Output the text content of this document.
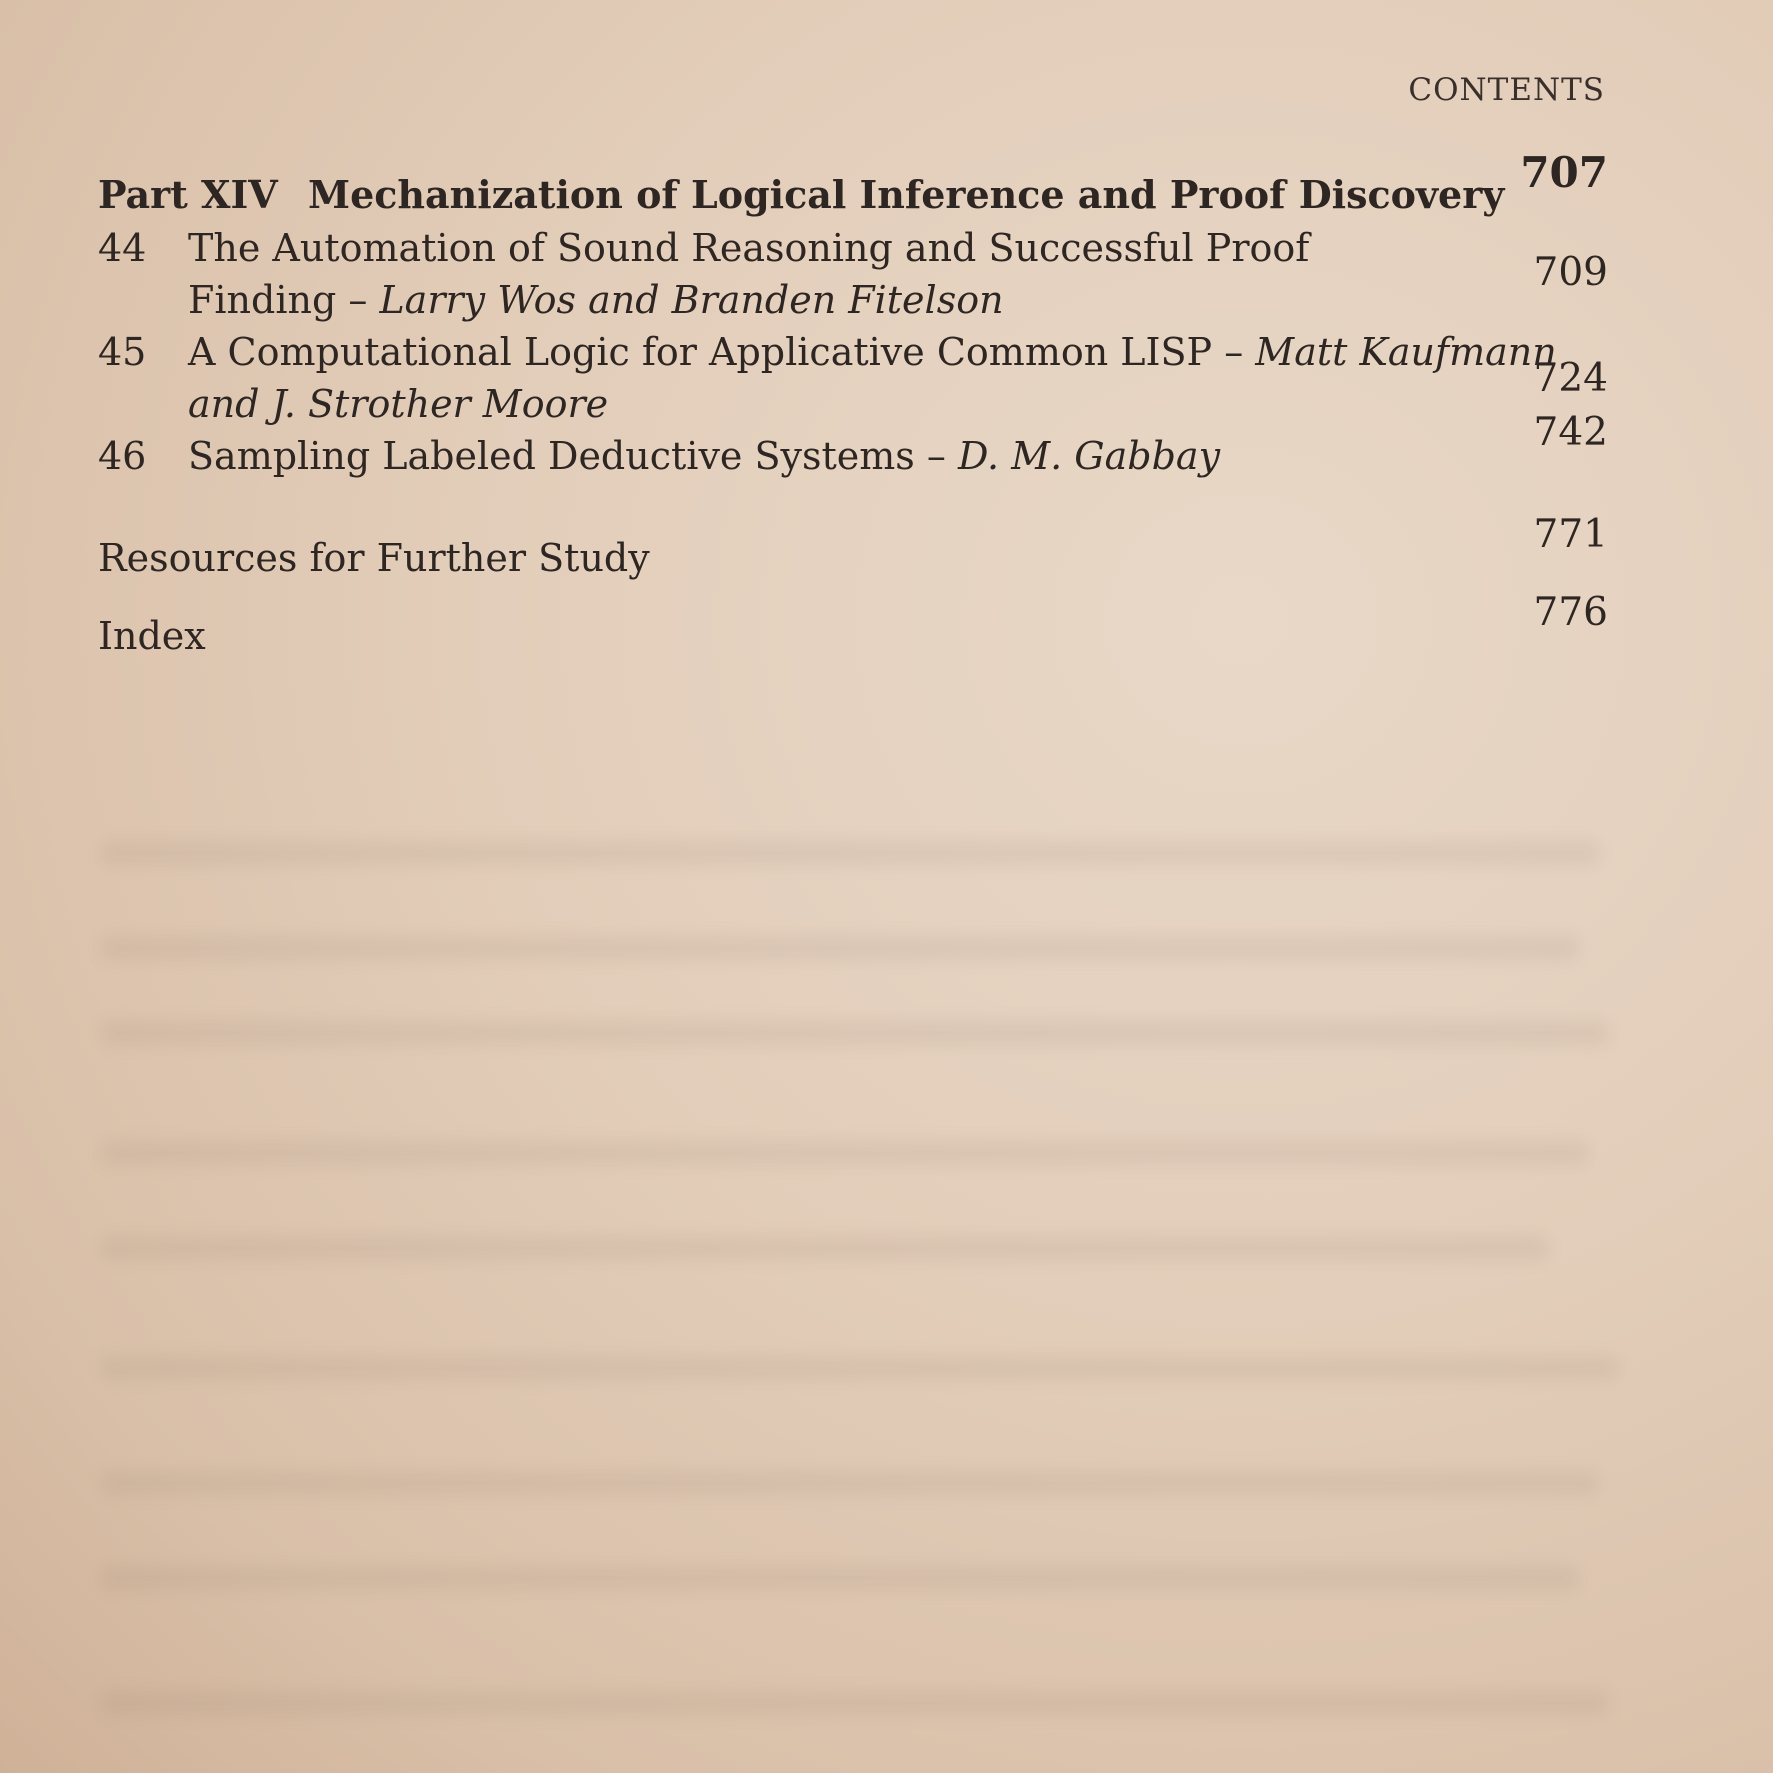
CONTENTS
Part XIV Mechanization of Logical Inference and Proof Discovery 707
44 The Automation of Sound Reasoning and Successful Proof
Finding – Larry Wos and Branden Fitelson
709
45 A Computational Logic for Applicative Common LISP – Matt Kaufmann
and J. Strother Moore
724
46 Sampling Labeled Deductive Systems – D. M. Gabbay
742
Resources for Further Study
771
Index
776
